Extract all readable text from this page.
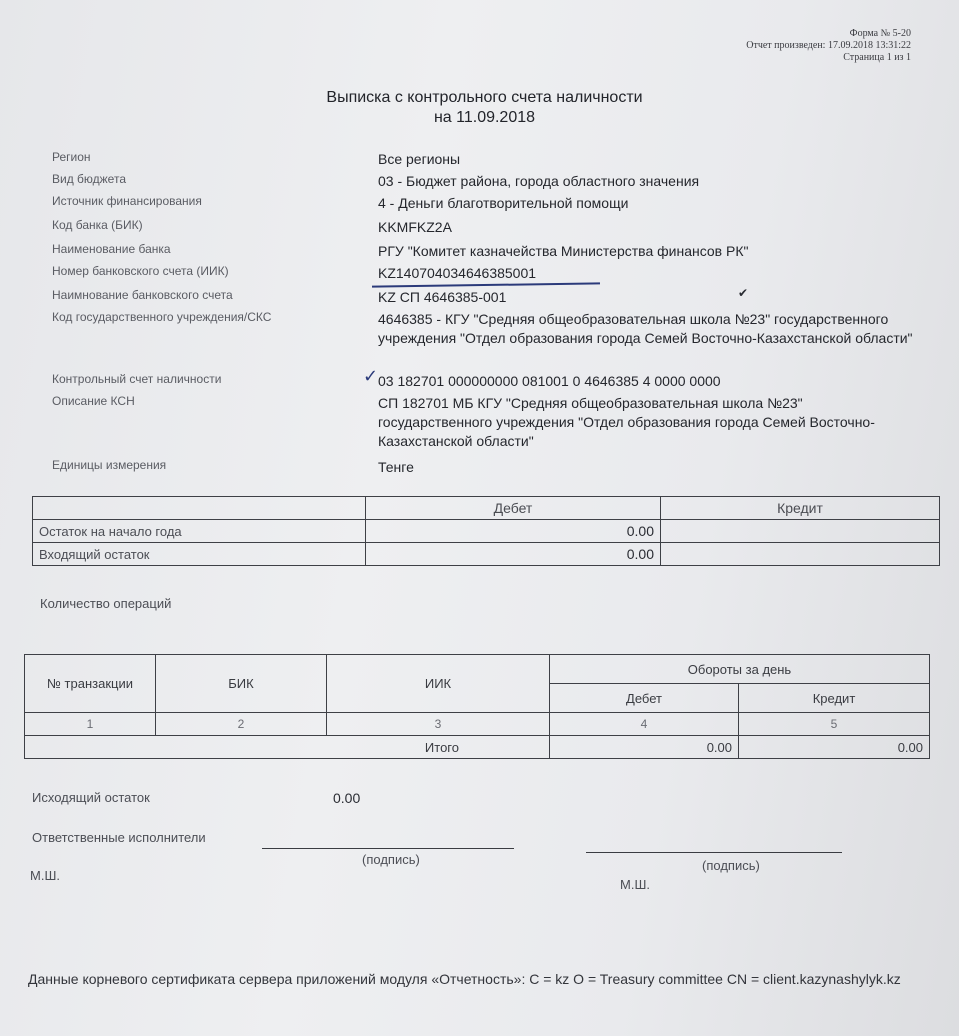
Форма № 5-20
Отчет произведен: 17.09.2018 13:31:22
Страница 1 из 1
Выписка с контрольного счета наличности
на 11.09.2018
Регион	Все регионы
Вид бюджета	03 - Бюджет района, города областного значения
Источник финансирования	4 - Деньги благотворительной помощи
Код банка (БИК)	KKMFKZ2A
Наименование банка	РГУ "Комитет казначейства Министерства финансов РК"
Номер банковского счета (ИИК)	KZ140704034646385001
Наимнование банковского счета	KZ СП 4646385-001
Код государственного учреждения/СКС	4646385 - КГУ "Средняя общеобразовательная школа №23" государственного учреждения "Отдел образования города Семей Восточно-Казахстанской области"
Контрольный счет наличности	03 182701 000000000 081001 0 4646385 4 0000 0000
Описание КСН	СП 182701 МБ КГУ "Средняя общеобразовательная школа №23" государственного учреждения "Отдел образования города Семей Восточно-Казахстанской области"
Единицы измерения	Тенге
✓
✔
	Дебет	Кредит
Остаток на начало года	0.00	
Входящий остаток	0.00	
Количество операций
№ транзакции	БИК	ИИК	Обороты за день	
			Дебет	Кредит
1	2	3	4	5
Итого			0.00	0.00
Исходящий остаток	0.00
Ответственные исполнители
(подпись)
М.Ш.
(подпись)
М.Ш.
Данные корневого сертификата сервера приложений модуля «Отчетность»: C = kz O = Treasury committee CN = client.kazynashylyk.kz
